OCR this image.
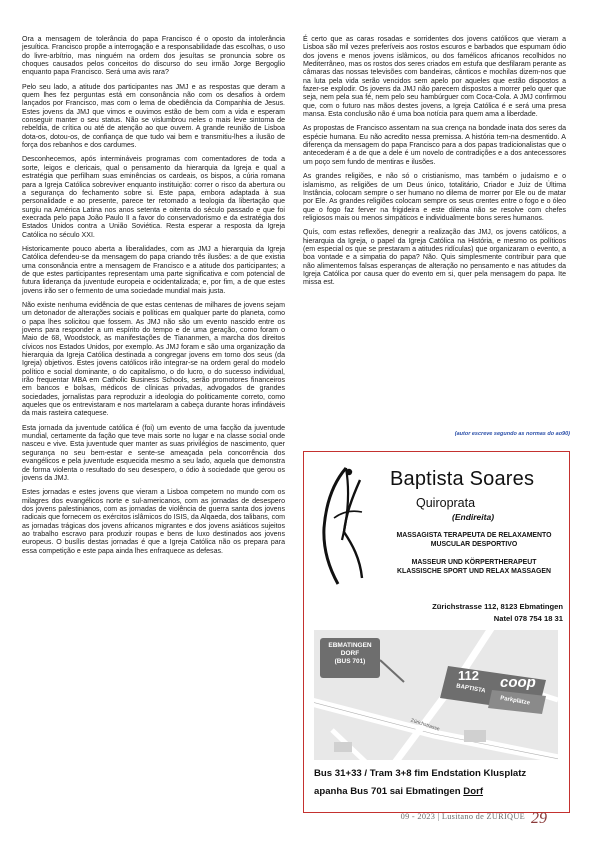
Ora a mensagem de tolerância do papa Francisco é o oposto da intolerância jesuítica. Francisco propõe a interrogação e a responsabilidade das escolhas, o uso do livre-arbítrio, mas ninguém na ordem dos jesuítas se pronuncia sobre os choques causados pelos conceitos do discurso do seu irmão Jorge Bergoglio enquanto papa Francisco. Será uma avis rara?

Pelo seu lado, a atitude dos participantes nas JMJ e as respostas que deram a quem lhes fez perguntas está em consonância não com os desafios à ordem lançados por Francisco, mas com o lema de obediência da Companhia de Jesus. Estes jovens da JMJ que vimos e ouvimos estão de bem com a vida e esperam conseguir manter o seu status. Não se vislumbrou neles o mais leve sintoma de rebeldia, de crítica ou até de atenção ao que ouvem. A grande reunião de Lisboa dota-os, dotou-os, de confiança de que tudo vai bem e transmitiu-lhes a ilusão de força dos rebanhos e dos cardumes.

Desconhecemos, após intermináveis programas com comentadores de toda a sorte, leigos e clericais, qual o pensamento da hierarquia da Igreja e qual a estratégia que perfilham suas eminências os cardeais, os bispos, a cúria romana para a Igreja Católica sobreviver enquanto instituição: correr o risco da abertura ou a segurança do fechamento sobre si. Este papa, embora adaptada à sua personalidade e ao presente, parece ter retomado a teologia da libertação que surgiu na América Latina nos anos setenta e oitenta do século passado e que foi execrada pelo papa João Paulo II a favor do conservadorismo e da estratégia dos Estados Unidos contra a União Soviética. Resta esperar a resposta da Igreja Católica no século XXI.

Historicamente pouco aberta a liberalidades, com as JMJ a hierarquia da Igreja Católica defendeu-se da mensagem do papa criando três ilusões: a de que existia uma consonância entre a mensagem de Francisco e a atitude dos participantes; a de que estes participantes representam uma parte significativa e com potencial de futura liderança da juventude europeia e ocidentalizada; e, por fim, a de que estes jovens irão ser o fermento de uma sociedade mundial mais justa.

Não existe nenhuma evidência de que estas centenas de milhares de jovens sejam um detonador de alterações sociais e políticas em qualquer parte do planeta, como o papa lhes solicitou que fossem. As JMJ não são um evento nascido entre os jovens para responder a um espírito do tempo e de uma geração, como foram o Maio de 68, Woodstock, as manifestações de Tiananmen, a marcha dos direitos cívicos nos Estados Unidos, por exemplo. As JMJ foram e são uma organização da hierarquia da Igreja Católica destinada a congregar jovens em torno dos seus (da Igreja) objetivos. Estes jovens católicos irão integrar-se na ordem geral do modelo político e social dominante, o do capitalismo, o do lucro, o do sucesso individual, irão frequentar MBA em Catholic Business Schools, serão promotores financeiros em bancos e bolsas, médicos de clínicas privadas, advogados de grandes sociedades, jornalistas para reproduzir a ideologia do politicamente correto, como aqueles que os entrevistaram e nos martelaram a cabeça durante horas infindáveis da mais rasteira catequese.

Esta jornada da juventude católica é (foi) um evento de uma facção da juventude mundial, certamente da fação que teve mais sorte no lugar e na classe social onde nasceu e vive. Esta juventude quer manter as suas privilégios de nascimento, quer segurança no seu bem-estar e sente-se ameaçada pela concorrência dos evangélicos e pela juventude esquecida mesmo a seu lado, aquela que demonstra de forma violenta o resultado do seu desespero, o ódio à sociedade que gerou os jovens da JMJ.

Estes jornadas e estes jovens que vieram a Lisboa competem no mundo com os milagres dos evangélicos norte e sul-americanos, com as jornadas de desespero dos jovens palestinianos, com as jornadas de violência de guerra santa dos jovens radicais que fornecem os exércitos islâmicos do ISIS, da Alqaeda, dos talibans, com as jornadas trágicas dos jovens africanos migrantes e dos jovens asiáticos sujeitos ao trabalho escravo para produzir roupas e bens de luxo destinados aos jovens europeus. O busílis destas jornadas é que a Igreja Católica não os prepara para essa competição e este papa ainda lhes enfraquece as defesas.

É certo que as caras rosadas e sorridentes dos jovens católicos que vieram a Lisboa são mil vezes preferíveis aos rostos escuros e barbados que espumam ódio dos jovens e menos jovens islâmicos, ou dos famélicos africanos recolhidos no Mediterrâneo, mas os rostos dos seres criados em estufa que desfilaram perante as câmaras das nossas televisões com bandeiras, cânticos e mochilas dizem-nos que na luta pela vida serão vencidos sem apelo por aqueles que estão dispostos a fazer-se explodir. Os jovens da JMJ não parecem dispostos a morrer pelo quer que seja, nem pela sua fé, nem pelo seu hambúrguer com Coca-Cola. A JMJ confirmou que, com o futuro nas mãos destes jovens, a Igreja Católica é e será uma presa mansa. Esta conclusão não é uma boa notícia para quem ama a liberdade.

As propostas de Francisco assentam na sua crença na bondade inata dos seres da espécie humana. Eu não acredito nessa premissa. A história tem-na desmentido. A diferença da mensagem do papa Francisco para a dos papas tradicionalistas que o antecederam é a de que a dele é um novelo de contradições e a dos antecessores um poço sem fundo de mentiras e ilusões.

As grandes religiões, e não só o cristianismo, mas também o judaísmo e o islamismo, as religiões de um Deus único, totalitário, Criador e Juiz de Última Instância, colocam sempre o ser humano no dilema de morrer por Ele ou de matar por Ele. As grandes religiões colocam sempre os seus crentes entre o fogo e o óleo que o fogo faz ferver na frigideira e este dilema não se resolve com chefes religiosos mais ou menos simpáticos e individualmente bons seres humanos.

Quís, com estas reflexões, denegrir a realização das JMJ, os jovens católicos, a hierarquia da Igreja, o papel da Igreja Católica na História, e mesmo os políticos (em especial os que se prestaram a atitudes ridículas) que organizaram o evento, a boa vontade e a simpatia do papa? Não. Quis simplesmente contribuir para que não alimentemos falsas esperanças de alteração no pensamento e nas atitudes da Igreja Católica por causa quer do evento em si, quer pela mensagem do papa. Ite missa est.

(autor escreve segundo as normas do ao90)
Baptista Soares
Quiroprata
(Endireita)
MASSAGISTA TERAPEUTA DE RELAXAMENTO
MUSCULAR DESPORTIVO
MASSEUR UND KÖRPERTHERAPEUT
KLASSISCHE SPORT UND RELAX MASSAGEN
Zürichstrasse 112, 8123 Ebmatingen
Natel 078 754 18 31
EBMATINGEN
DORF
(BUS 701)
112
BAPTISTA coop
Parkplätze
Zürichstrasse
Bus 31+33 / Tram 3+8 fim Endstation Klusplatz
apanha Bus 701 sai Ebmatingen Dorf
09 - 2023 | Lusitano de ZURIQUE 29
